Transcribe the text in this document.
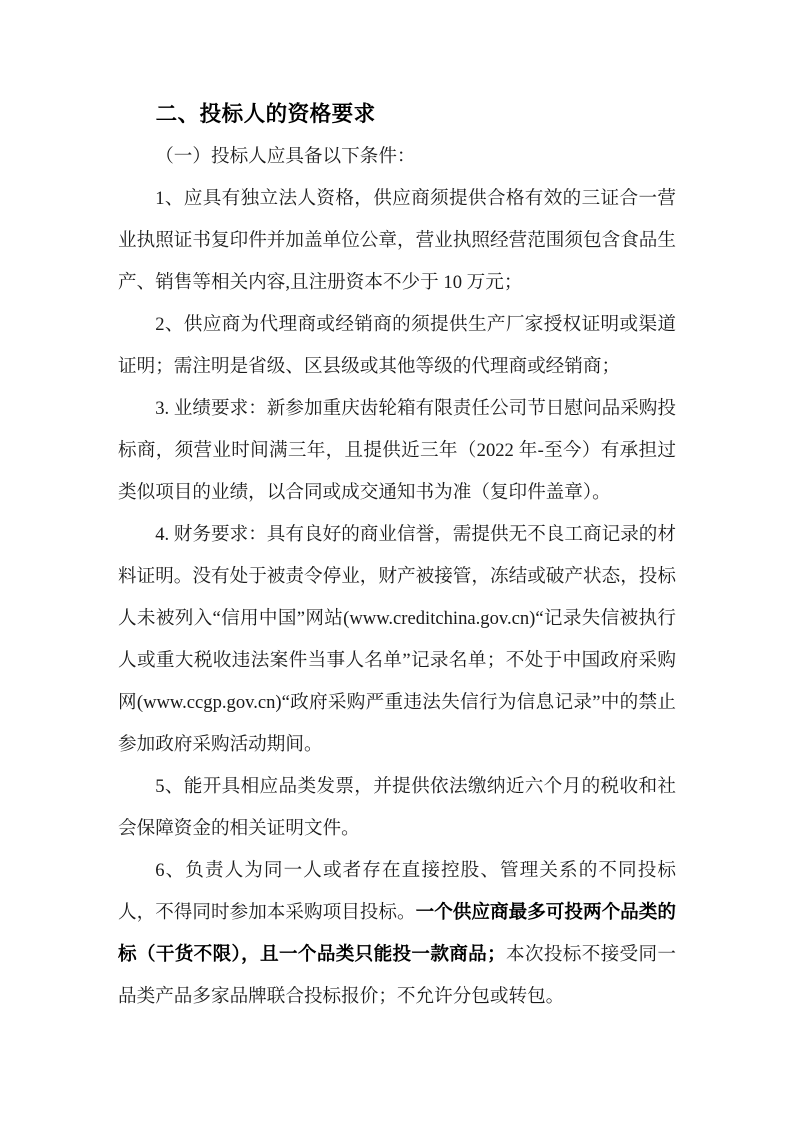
二、投标人的资格要求

（一）投标人应具备以下条件：

1、应具有独立法人资格，供应商须提供合格有效的三证合一营业执照证书复印件并加盖单位公章，营业执照经营范围须包含食品生产、销售等相关内容,且注册资本不少于 10 万元；

2、供应商为代理商或经销商的须提供生产厂家授权证明或渠道证明；需注明是省级、区县级或其他等级的代理商或经销商；

3. 业绩要求：新参加重庆齿轮箱有限责任公司节日慰问品采购投标商，须营业时间满三年，且提供近三年（2022 年-至今）有承担过类似项目的业绩，以合同或成交通知书为准（复印件盖章）。

4. 财务要求：具有良好的商业信誉，需提供无不良工商记录的材料证明。没有处于被责令停业，财产被接管，冻结或破产状态，投标人未被列入“信用中国”网站(www.creditchina.gov.cn)“记录失信被执行人或重大税收违法案件当事人名单”记录名单；不处于中国政府采购网(www.ccgp.gov.cn)“政府采购严重违法失信行为信息记录”中的禁止参加政府采购活动期间。

5、能开具相应品类发票，并提供依法缴纳近六个月的税收和社会保障资金的相关证明文件。

6、负责人为同一人或者存在直接控股、管理关系的不同投标人，不得同时参加本采购项目投标。一个供应商最多可投两个品类的标（干货不限），且一个品类只能投一款商品；本次投标不接受同一品类产品多家品牌联合投标报价；不允许分包或转包。
